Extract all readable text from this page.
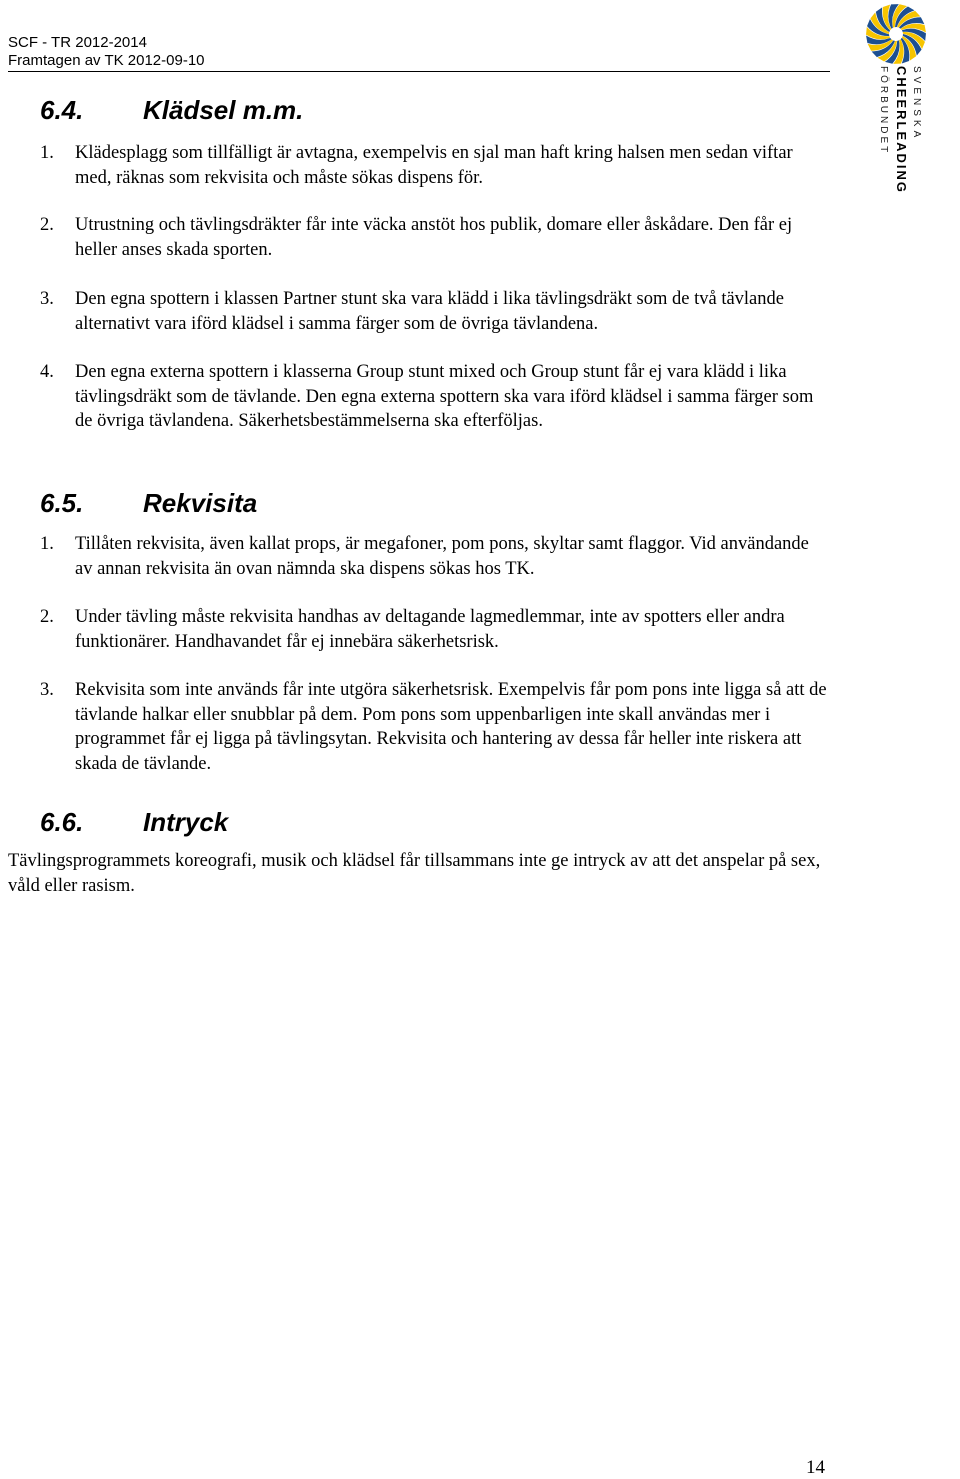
SCF - TR 2012-2014
Framtagen av TK 2012-09-10
SVENSKA
CHEERLEADING
FÖRBUNDET
6.4. Klädsel m.m.
1. Klädesplagg som tillfälligt är avtagna, exempelvis en sjal man haft kring halsen men sedan viftar med, räknas som rekvisita och måste sökas dispens för.
2. Utrustning och tävlingsdräkter får inte väcka anstöt hos publik, domare eller åskådare. Den får ej heller anses skada sporten.
3. Den egna spottern i klassen Partner stunt ska vara klädd i lika tävlingsdräkt som de två tävlande alternativt vara iförd klädsel i samma färger som de övriga tävlandena.
4. Den egna externa spottern i klasserna Group stunt mixed och Group stunt får ej vara klädd i lika tävlingsdräkt som de tävlande. Den egna externa spottern ska vara iförd klädsel i samma färger som de övriga tävlandena. Säkerhetsbestämmelserna ska efterföljas.
6.5. Rekvisita
1. Tillåten rekvisita, även kallat props, är megafoner, pom pons, skyltar samt flaggor. Vid användande av annan rekvisita än ovan nämnda ska dispens sökas hos TK.
2. Under tävling måste rekvisita handhas av deltagande lagmedlemmar, inte av spotters eller andra funktionärer. Handhavandet får ej innebära säkerhetsrisk.
3. Rekvisita som inte används får inte utgöra säkerhetsrisk. Exempelvis får pom pons inte ligga så att de tävlande halkar eller snubblar på dem. Pom pons som uppenbarligen inte skall användas mer i programmet får ej ligga på tävlingsytan. Rekvisita och hantering av dessa får heller inte riskera att skada de tävlande.
6.6. Intryck
Tävlingsprogrammets koreografi, musik och klädsel får tillsammans inte ge intryck av att det anspelar på sex, våld eller rasism.
14
